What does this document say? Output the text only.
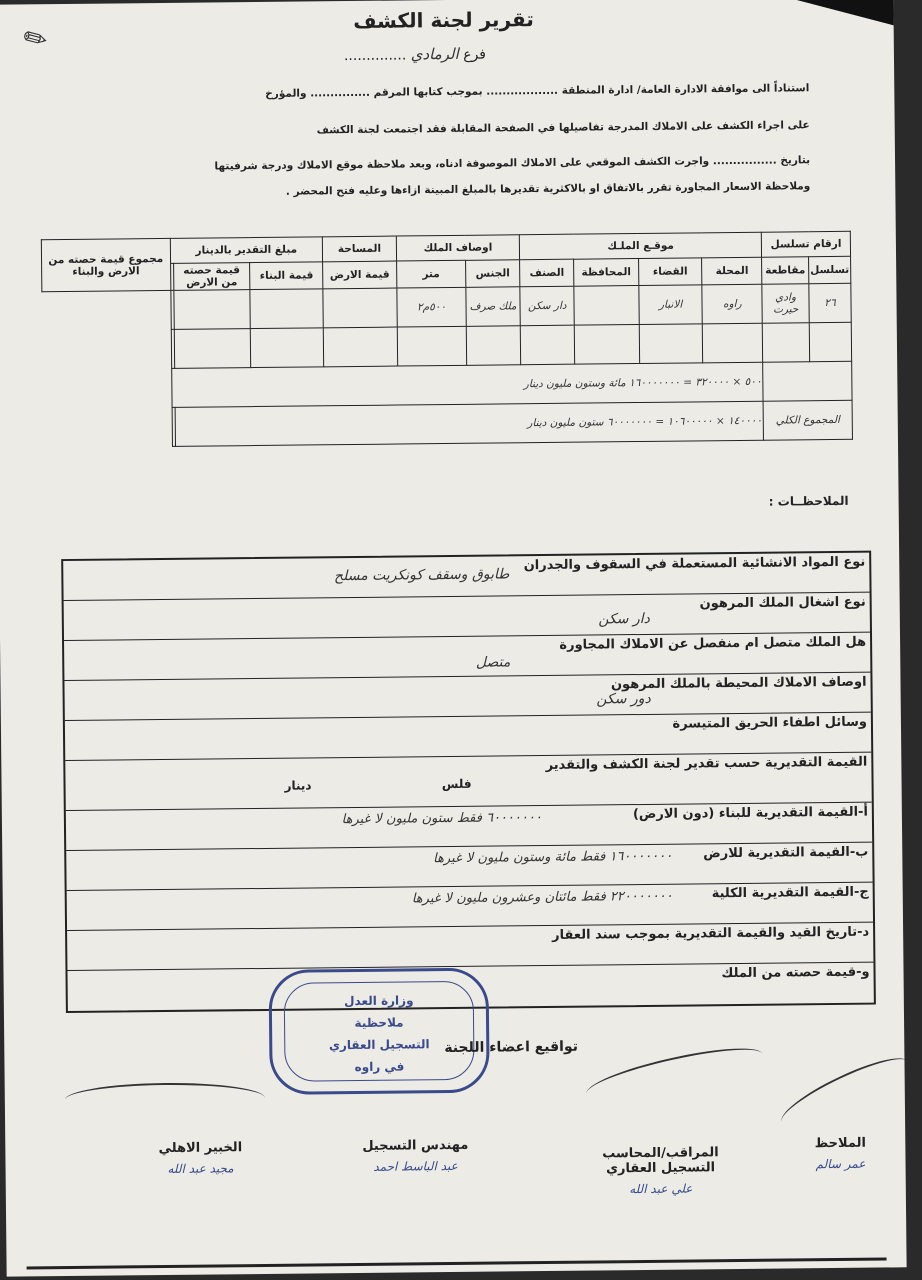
✎	تقرير لجنة الكشف
فرع الرمادي ..............
استناداً الى موافقة الادارة العامة/ ادارة المنطقة .................. بموجب كتابها المرقم ............... والمؤرخ
على اجراء الكشف على الاملاك المدرجة تفاصيلها في الصفحة المقابلة فقد اجتمعت لجنة الكشف
بتاريخ ................ واجرت الكشف الموقعي على الاملاك الموصوفة ادناه، وبعد ملاحظة موقع الاملاك ودرجة شرفيتها
وملاحظة الاسعار المجاورة تقرر بالاتفاق او بالاكثرية تقديرها بالمبلغ المبينة ازاءها وعليه فتح المحضر .
ارقام تسلسل		موقـع الملـك				اوصاف الملك		المساحة	مبلغ التقدير بالدينار			مجموع قيمة حصته من الارض والبناء
تسلسل	مقاطعة	المحلة	القضاء	المحافظة	الصنف	الجنس	متر	قيمة الارض	قيمة البناء	قيمة حصته من الارض		
٢٦	وادي حيرت	راوه	الانبار		دار سكن	ملك صرف	٥٠٠م٢					

		٥٠٠ × ٣٢٠٠٠٠ = ١٦٠٠٠٠٠٠٠ مائة وستون مليون دينار										
المجموع الكلي		١٤٠٠٠٠ × ١٠٦٠٠٠٠٠ = ٦٠٠٠٠٠٠٠ ستون مليون دينار										
الملاحظــات :
نوع المواد الانشائية المستعملة في السقوف والجدران
طابوق وسقف كونكريت مسلح
نوع اشغال الملك المرهون
دار سكن
هل الملك متصل ام منفصل عن الاملاك المجاورة
متصل
اوصاف الاملاك المحيطة بالملك المرهون
دور سكن
وسائل اطفاء الحريق المتيسرة
القيمة التقديرية حسب تقدير لجنة الكشف والتقدير
فلس
دينار
أ-القيمة التقديرية للبناء (دون الارض)
٦٠٠٠٠٠٠٠ فقط ستون مليون لا غيرها
ب-القيمة التقديرية للارض
١٦٠٠٠٠٠٠٠ فقط مائة وستون مليون لا غيرها
ج-القيمة التقديرية الكلية
٢٢٠٠٠٠٠٠٠ فقط مائتان وعشرون مليون لا غيرها
د-تاريخ القيد والقيمة التقديرية بموجب سند العقار
و-قيمة حصته من الملك
وزارة العدل
ملاحظية
التسجيل العقاري
في راوه
تواقيع اعضاء اللجنة
الخبير الاهلي
مجيد عبد الله
مهندس التسجيل
عبد الباسط احمد
المراقب/المحاسب
التسجيل العقاري
علي عبد الله
الملاحظ
عمر سالم
